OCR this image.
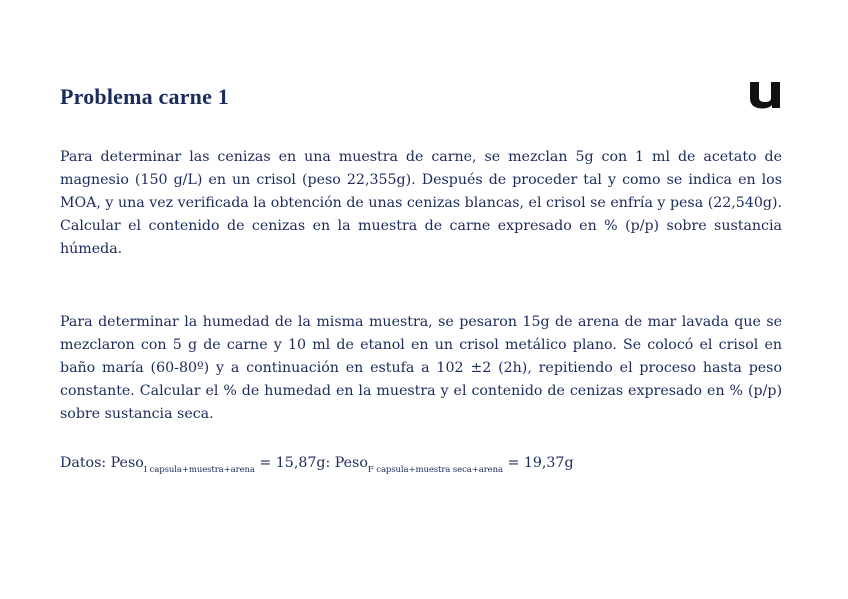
Problema carne 1

Para determinar las cenizas en una muestra de carne, se mezclan 5g con 1 ml de acetato de magnesio (150 g/L) en un crisol (peso 22,355g). Después de proceder tal y como se indica en los MOA, y una vez verificada la obtención de unas cenizas blancas, el crisol se enfría y pesa (22,540g). Calcular el contenido de cenizas en la muestra de carne expresado en % (p/p) sobre sustancia húmeda.

Para determinar la humedad de la misma muestra, se pesaron 15g de arena de mar lavada que se mezclaron con 5 g de carne y 10 ml de etanol en un crisol metálico plano. Se colocó el crisol en baño maría (60-80º) y a continuación en estufa a 102 ±2 (2h), repitiendo el proceso hasta peso constante. Calcular el % de humedad en la muestra y el contenido de cenizas expresado en % (p/p) sobre sustancia seca.

Datos: Peso$_{I capsula+muestra+arena}$ = 15,87g: Peso$_{F capsula+muestra seca+arena}$ = 19,37g
